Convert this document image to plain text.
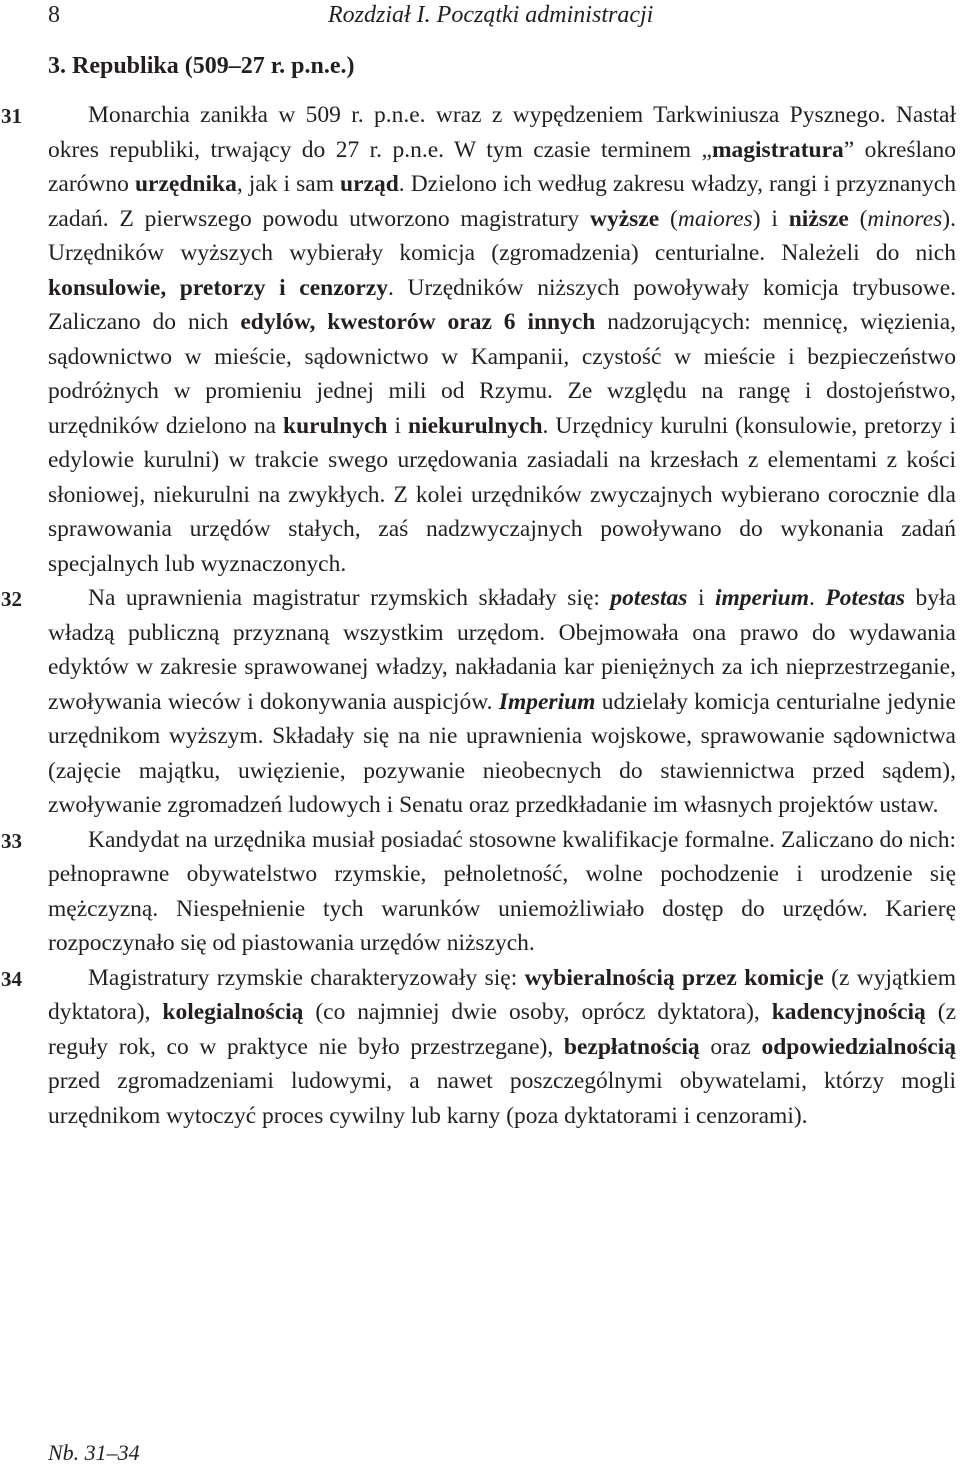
8	Rozdział I. Początki administracji
3. Republika (509–27 r. p.n.e.)

31	Monarchia zanikła w 509 r. p.n.e. wraz z wypędzeniem Tarkwiniusza Pysznego. Nastał okres republiki, trwający do 27 r. p.n.e. W tym czasie terminem „magistratura” określano zarówno urzędnika, jak i sam urząd. Dzielono ich według zakresu władzy, rangi i przyznanych zadań. Z pierwszego powodu utworzono magistratury wyższe (maiores) i niższe (minores). Urzędników wyższych wybierały komicja (zgromadzenia) centurialne. Należeli do nich konsulowie, pretorzy i cenzorzy. Urzędników niższych powoływały komicja trybusowe. Zaliczano do nich edylów, kwestorów oraz 6 innych nadzorujących: mennicę, więzienia, sądownictwo w mieście, sądownictwo w Kampanii, czystość w mieście i bezpieczeństwo podróżnych w promieniu jednej mili od Rzymu. Ze względu na rangę i dostojeństwo, urzędników dzielono na kurulnych i niekurulnych. Urzędnicy kurulni (konsulowie, pretorzy i edylowie kurulni) w trakcie swego urzędowania zasiadali na krzesłach z elementami z kości słoniowej, niekurulni na zwykłych. Z kolei urzędników zwyczajnych wybierano corocznie dla sprawowania urzędów stałych, zaś nadzwyczajnych powoływano do wykonania zadań specjalnych lub wyznaczonych.

32	Na uprawnienia magistratur rzymskich składały się: potestas i imperium. Potestas była władzą publiczną przyznaną wszystkim urzędom. Obejmowała ona prawo do wydawania edyktów w zakresie sprawowanej władzy, nakładania kar pieniężnych za ich nieprzestrzeganie, zwoływania wieców i dokonywania auspicjów. Imperium udzielały komicja centurialne jedynie urzędnikom wyższym. Składały się na nie uprawnienia wojskowe, sprawowanie sądownictwa (zajęcie majątku, uwięzienie, pozywanie nieobecnych do stawiennictwa przed sądem), zwoływanie zgromadzeń ludowych i Senatu oraz przedkładanie im własnych projektów ustaw.

33	Kandydat na urzędnika musiał posiadać stosowne kwalifikacje formalne. Zaliczano do nich: pełnoprawne obywatelstwo rzymskie, pełnoletność, wolne pochodzenie i urodzenie się mężczyzną. Niespełnienie tych warunków uniemożliwiało dostęp do urzędów. Karierę rozpoczynało się od piastowania urzędów niższych.

34	Magistratury rzymskie charakteryzowały się: wybieralnością przez komicje (z wyjątkiem dyktatora), kolegialnością (co najmniej dwie osoby, oprócz dyktatora), kadencyjnością (z reguły rok, co w praktyce nie było przestrzegane), bezpłatnością oraz odpowiedzialnością przed zgromadzeniami ludowymi, a nawet poszczególnymi obywatelami, którzy mogli urzędnikom wytoczyć proces cywilny lub karny (poza dyktatorami i cenzorami).

Nb. 31–34
